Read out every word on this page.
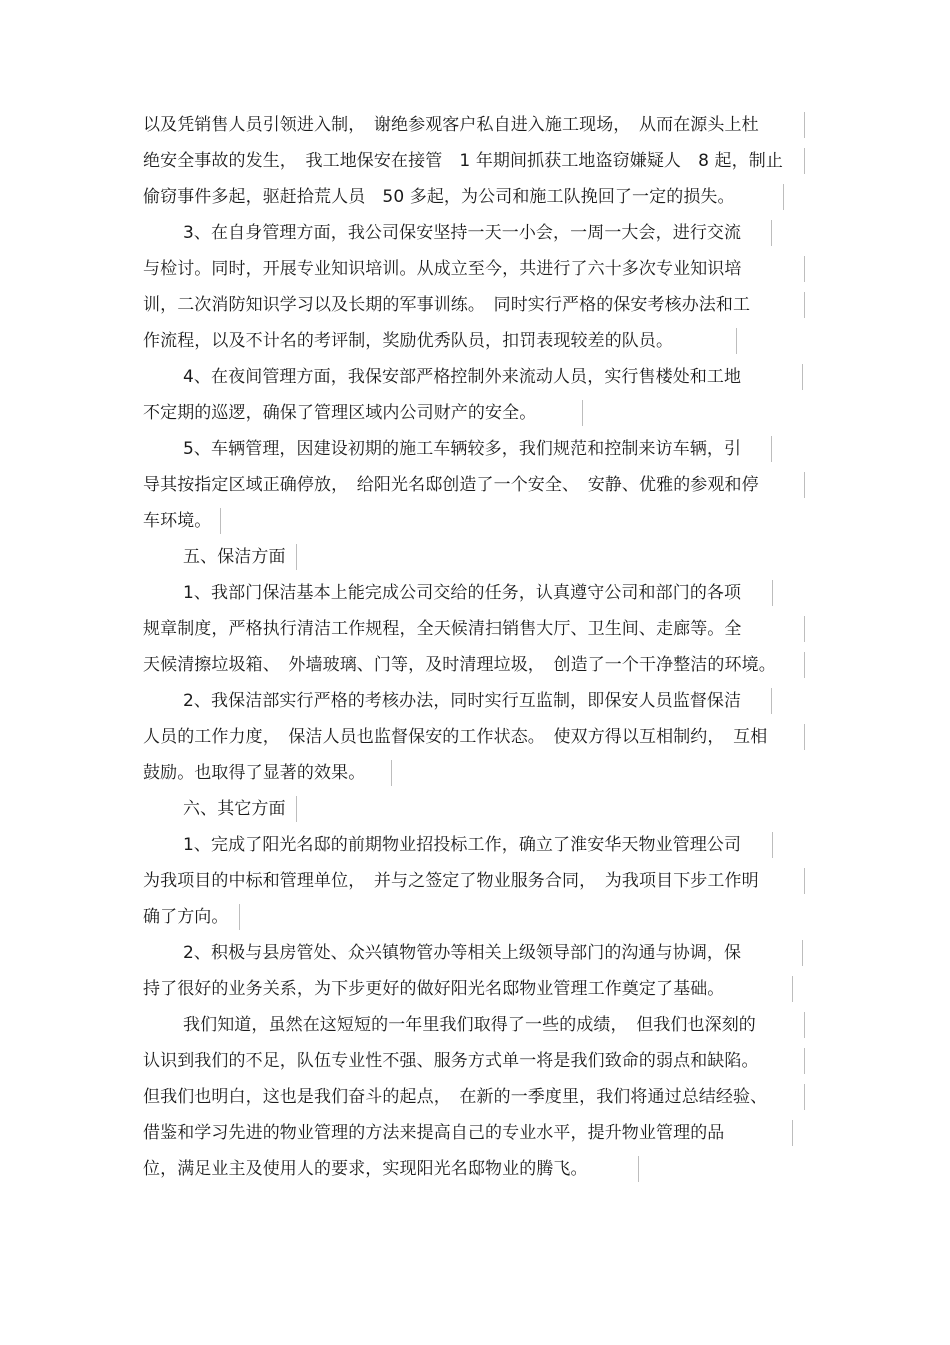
以及凭销售人员引领进入制，　谢绝参观客户私自进入施工现场，　从而在源头上杜
绝安全事故的发生，　我工地保安在接管　1 年期间抓获工地盗窃嫌疑人　8 起，制止
偷窃事件多起，驱赶拾荒人员　50 多起，为公司和施工队挽回了一定的损失。
3、在自身管理方面，我公司保安坚持一天一小会，一周一大会，进行交流
与检讨。同时，开展专业知识培训。从成立至今，共进行了六十多次专业知识培
训，二次消防知识学习以及长期的军事训练。　同时实行严格的保安考核办法和工
作流程，以及不计名的考评制，奖励优秀队员，扣罚表现较差的队员。
4、在夜间管理方面，我保安部严格控制外来流动人员，实行售楼处和工地
不定期的巡逻，确保了管理区域内公司财产的安全。
5、车辆管理，因建设初期的施工车辆较多，我们规范和控制来访车辆，引
导其按指定区域正确停放，　给阳光名邸创造了一个安全、　安静、优雅的参观和停
车环境。
五、保洁方面
1、我部门保洁基本上能完成公司交给的任务，认真遵守公司和部门的各项
规章制度，严格执行清洁工作规程，全天候清扫销售大厅、卫生间、走廊等。全
天候清擦垃圾箱、　外墙玻璃、门等，及时清理垃圾，　创造了一个干净整洁的环境。
2、我保洁部实行严格的考核办法，同时实行互监制，即保安人员监督保洁
人员的工作力度，　保洁人员也监督保安的工作状态。　使双方得以互相制约，　互相
鼓励。也取得了显著的效果。
六、其它方面
1、完成了阳光名邸的前期物业招投标工作，确立了淮安华天物业管理公司
为我项目的中标和管理单位，　并与之签定了物业服务合同，　为我项目下步工作明
确了方向。
2、积极与县房管处、众兴镇物管办等相关上级领导部门的沟通与协调，保
持了很好的业务关系，为下步更好的做好阳光名邸物业管理工作奠定了基础。
我们知道，虽然在这短短的一年里我们取得了一些的成绩，　但我们也深刻的
认识到我们的不足，队伍专业性不强、服务方式单一将是我们致命的弱点和缺陷。
但我们也明白，这也是我们奋斗的起点，　在新的一季度里，我们将通过总结经验、
借鉴和学习先进的物业管理的方法来提高自己的专业水平，提升物业管理的品
位，满足业主及使用人的要求，实现阳光名邸物业的腾飞。
